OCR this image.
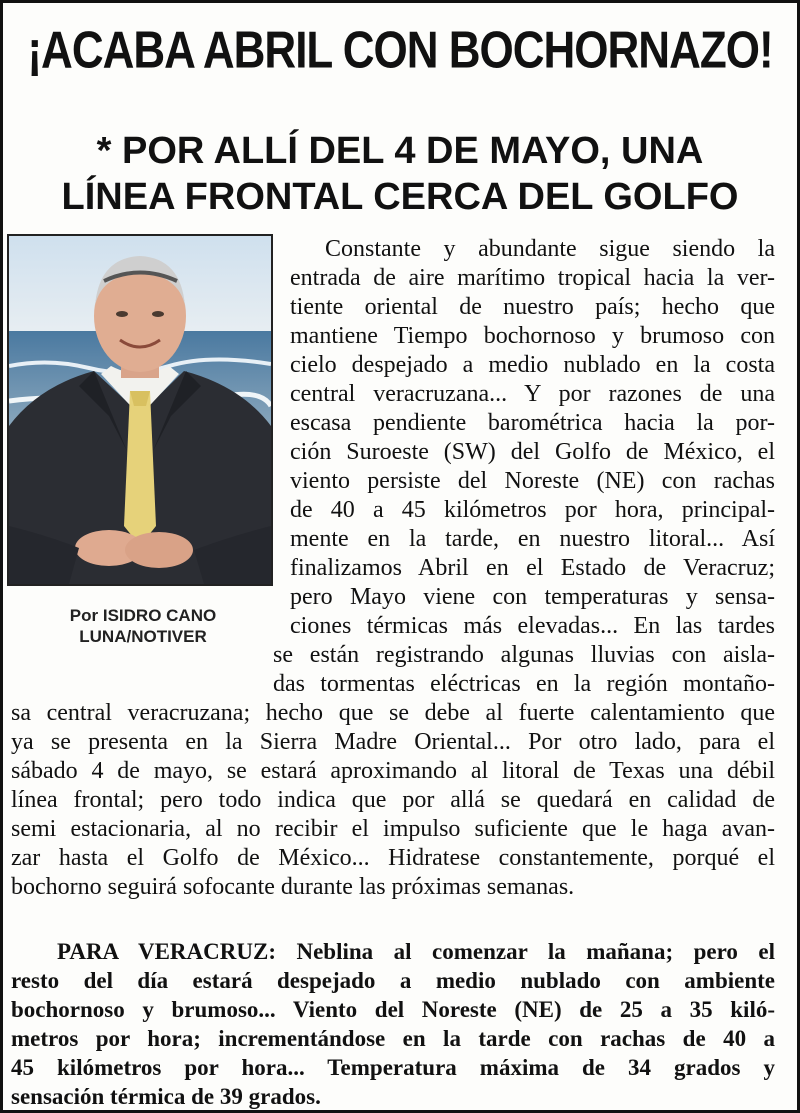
¡ACABA ABRIL CON BOCHORNAZO!
* POR ALLÍ DEL 4 DE MAYO, UNA
LÍNEA FRONTAL CERCA DEL GOLFO
Por ISIDRO CANO
LUNA/NOTIVER

Constante y abundante sigue siendo la

entrada de aire marítimo tropical hacia la ver-

tiente oriental de nuestro país; hecho que

mantiene Tiempo bochornoso y brumoso con

cielo despejado a medio nublado en la costa

central veracruzana... Y por razones de una

escasa pendiente barométrica hacia la por-

ción Suroeste (SW) del Golfo de México, el

viento persiste del Noreste (NE) con rachas

de 40 a 45 kilómetros por hora, principal-

mente en la tarde, en nuestro litoral... Así

finalizamos Abril en el Estado de Veracruz;

pero Mayo viene con temperaturas y sensa-

ciones térmicas más elevadas... En las tardes

se están registrando algunas lluvias con aisla-

das tormentas eléctricas en la región montaño-

sa central veracruzana; hecho que se debe al fuerte calentamiento que

ya se presenta en la Sierra Madre Oriental... Por otro lado, para el

sábado 4 de mayo, se estará aproximando al litoral de Texas una débil

línea frontal; pero todo indica que por allá se quedará en calidad de

semi estacionaria, al no recibir el impulso suficiente que le haga avan-

zar hasta el Golfo de México... Hidratese constantemente, porqué el

bochorno seguirá sofocante durante las próximas semanas.

PARA VERACRUZ: Neblina al comenzar la mañana; pero el

resto del día estará despejado a medio nublado con ambiente

bochornoso y brumoso... Viento del Noreste (NE) de 25 a 35 kiló-

metros por hora; incrementándose en la tarde con rachas de 40 a

45 kilómetros por hora... Temperatura máxima de 34 grados y

sensación térmica de 39 grados.
